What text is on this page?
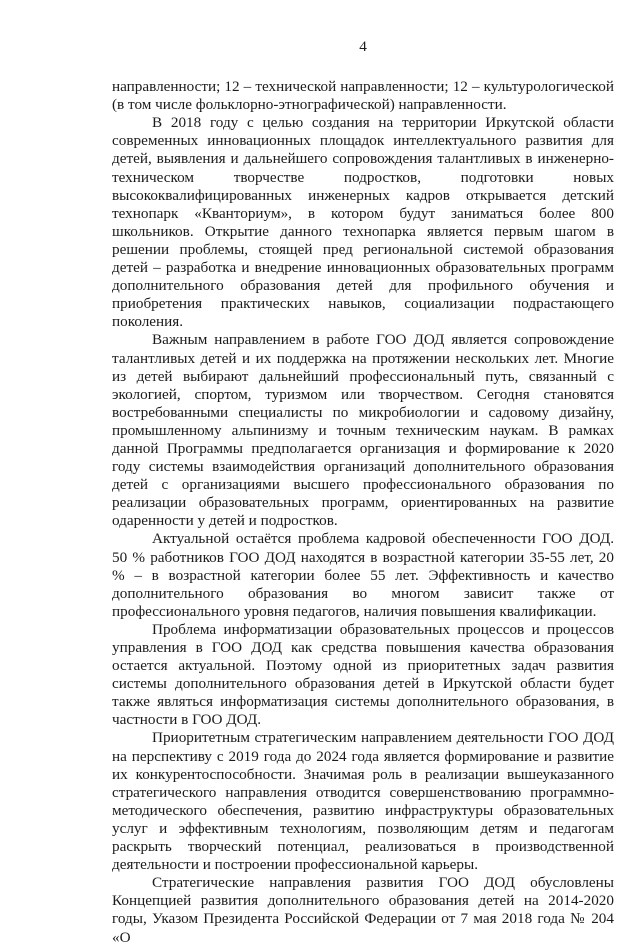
4

направленности; 12 – технической направленности; 12 – культурологической (в том числе фольклорно-этнографической) направленности.

В 2018 году с целью создания на территории Иркутской области современных инновационных площадок интеллектуального развития для детей, выявления и дальнейшего сопровождения талантливых в инженерно-техническом творчестве подростков, подготовки новых высококвалифицированных инженерных кадров открывается детский технопарк «Кванториум», в котором будут заниматься более 800 школьников. Открытие данного технопарка является первым шагом в решении проблемы, стоящей пред региональной системой образования детей – разработка и внедрение инновационных образовательных программ дополнительного образования детей для профильного обучения и приобретения практических навыков, социализации подрастающего поколения.

Важным направлением в работе ГОО ДОД является сопровождение талантливых детей и их поддержка на протяжении нескольких лет. Многие из детей выбирают дальнейший профессиональный путь, связанный с экологией, спортом, туризмом или творчеством. Сегодня становятся востребованными специалисты по микробиологии и садовому дизайну, промышленному альпинизму и точным техническим наукам. В рамках данной Программы предполагается организация и формирование к 2020 году системы взаимодействия организаций дополнительного образования детей с организациями высшего профессионального образования по реализации образовательных программ, ориентированных на развитие одаренности у детей и подростков.

Актуальной остаётся проблема кадровой обеспеченности ГОО ДОД. 50 % работников ГОО ДОД находятся в возрастной категории 35-55 лет, 20 % – в возрастной категории более 55 лет. Эффективность и качество дополнительного образования во многом зависит также от профессионального уровня педагогов, наличия повышения квалификации.

Проблема информатизации образовательных процессов и процессов управления в ГОО ДОД как средства повышения качества образования остается актуальной. Поэтому одной из приоритетных задач развития системы дополнительного образования детей в Иркутской области будет также являться информатизация системы дополнительного образования, в частности в ГОО ДОД.

Приоритетным стратегическим направлением деятельности ГОО ДОД на перспективу с 2019 года до 2024 года является формирование и развитие их конкурентоспособности. Значимая роль в реализации вышеуказанного стратегического направления отводится совершенствованию программно-методического обеспечения, развитию инфраструктуры образовательных услуг и эффективным технологиям, позволяющим детям и педагогам раскрыть творческий потенциал, реализоваться в производственной деятельности и построении профессиональной карьеры.

Стратегические направления развития ГОО ДОД обусловлены Концепцией развития дополнительного образования детей на 2014-2020 годы, Указом Президента Российской Федерации от 7 мая 2018 года № 204 «О
